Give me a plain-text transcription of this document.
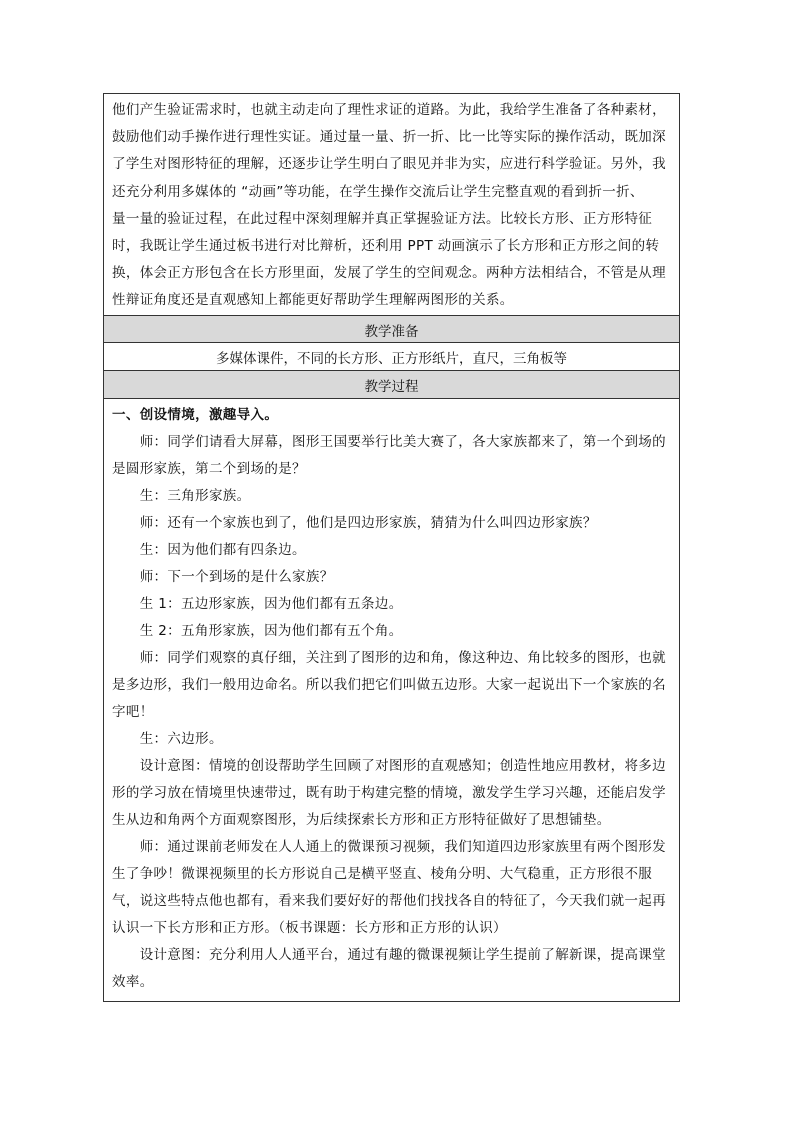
他们产生验证需求时，也就主动走向了理性求证的道路。为此，我给学生准备了各种素材，
鼓励他们动手操作进行理性实证。通过量一量、折一折、比一比等实际的操作活动，既加深
了学生对图形特征的理解，还逐步让学生明白了眼见并非为实，应进行科学验证。另外，我
还充分利用多媒体的 “动画”等功能，在学生操作交流后让学生完整直观的看到折一折、
量一量的验证过程，在此过程中深刻理解并真正掌握验证方法。比较长方形、正方形特征
时，我既让学生通过板书进行对比辩析，还利用 PPT 动画演示了长方形和正方形之间的转
换，体会正方形包含在长方形里面，发展了学生的空间观念。两种方法相结合，不管是从理
性辩证角度还是直观感知上都能更好帮助学生理解两图形的关系。
教学准备
多媒体课件，不同的长方形、正方形纸片，直尺，三角板等
教学过程
一、创设情境，激趣导入。
　　师：同学们请看大屏幕，图形王国要举行比美大赛了，各大家族都来了，第一个到场的
是圆形家族，第二个到场的是？
　　生：三角形家族。
　　师：还有一个家族也到了，他们是四边形家族，猜猜为什么叫四边形家族？
　　生：因为他们都有四条边。
　　师：下一个到场的是什么家族？
　　生 1：五边形家族，因为他们都有五条边。
　　生 2：五角形家族，因为他们都有五个角。
　　师：同学们观察的真仔细，关注到了图形的边和角，像这种边、角比较多的图形，也就
是多边形，我们一般用边命名。所以我们把它们叫做五边形。大家一起说出下一个家族的名
字吧！
　　生：六边形。
　　设计意图：情境的创设帮助学生回顾了对图形的直观感知；创造性地应用教材，将多边
形的学习放在情境里快速带过，既有助于构建完整的情境，激发学生学习兴趣，还能启发学
生从边和角两个方面观察图形，为后续探索长方形和正方形特征做好了思想铺垫。
　　师：通过课前老师发在人人通上的微课预习视频，我们知道四边形家族里有两个图形发
生了争吵！微课视频里的长方形说自己是横平竖直、棱角分明、大气稳重，正方形很不服
气，说这些特点他也都有，看来我们要好好的帮他们找找各自的特征了，今天我们就一起再
认识一下长方形和正方形。（板书课题：长方形和正方形的认识）
　　设计意图：充分利用人人通平台，通过有趣的微课视频让学生提前了解新课，提高课堂
效率。
